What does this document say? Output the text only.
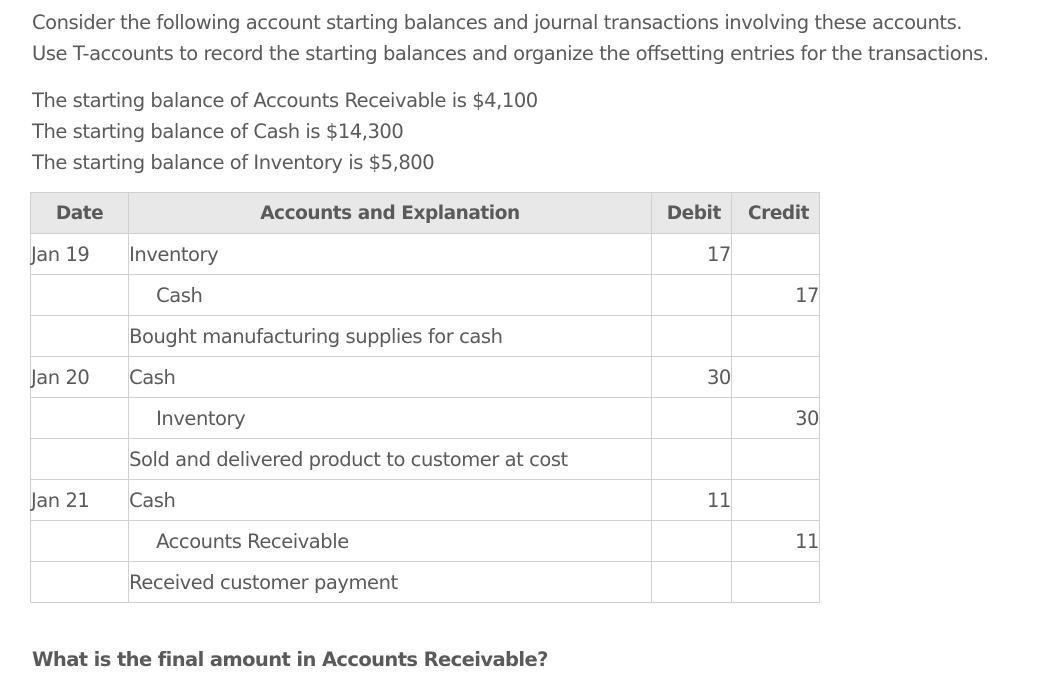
Consider the following account starting balances and journal transactions involving these accounts.
Use T-accounts to record the starting balances and organize the offsetting entries for the transactions.
The starting balance of Accounts Receivable is $4,100
The starting balance of Cash is $14,300
The starting balance of Inventory is $5,800
Date	Accounts and Explanation	Debit	Credit
Jan 19	Inventory	17	
	Cash		17
	Bought manufacturing supplies for cash		
Jan 20	Cash	30	
	Inventory		30
	Sold and delivered product to customer at cost		
Jan 21	Cash	11	
	Accounts Receivable		11
	Received customer payment		
What is the final amount in Accounts Receivable?
